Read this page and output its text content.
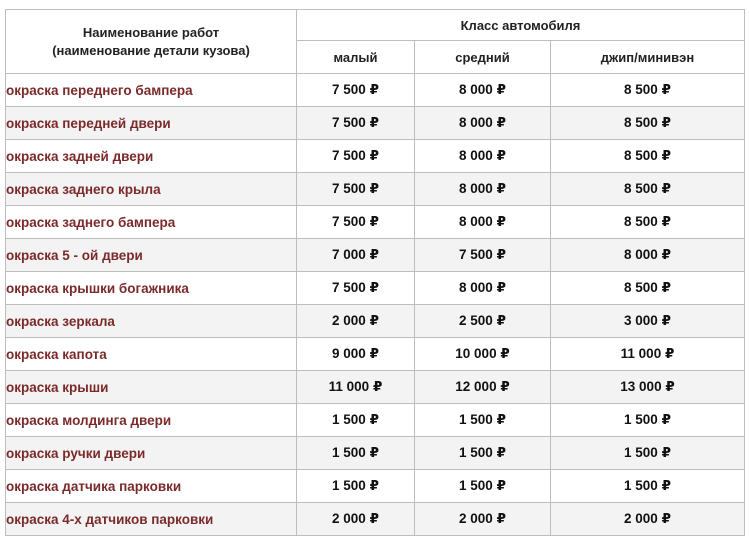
Наименование работ
(наименование детали кузова)	Класс автомобиля		
	малый	средний	джип/минивэн
окраска переднего бампера	7 500 ₽	8 000 ₽	8 500 ₽
окраска передней двери	7 500 ₽	8 000 ₽	8 500 ₽
окраска задней двери	7 500 ₽	8 000 ₽	8 500 ₽
окраска заднего крыла	7 500 ₽	8 000 ₽	8 500 ₽
окраска заднего бампера	7 500 ₽	8 000 ₽	8 500 ₽
окраска 5 - ой двери	7 000 ₽	7 500 ₽	8 000 ₽
окраска крышки богажника	7 500 ₽	8 000 ₽	8 500 ₽
окраска зеркала	2 000 ₽	2 500 ₽	3 000 ₽
окраска капота	9 000 ₽	10 000 ₽	11 000 ₽
окраска крыши	11 000 ₽	12 000 ₽	13 000 ₽
окраска молдинга двери	1 500 ₽	1 500 ₽	1 500 ₽
окраска ручки двери	1 500 ₽	1 500 ₽	1 500 ₽
окраска датчика парковки	1 500 ₽	1 500 ₽	1 500 ₽
окраска 4-х датчиков парковки	2 000 ₽	2 000 ₽	2 000 ₽
